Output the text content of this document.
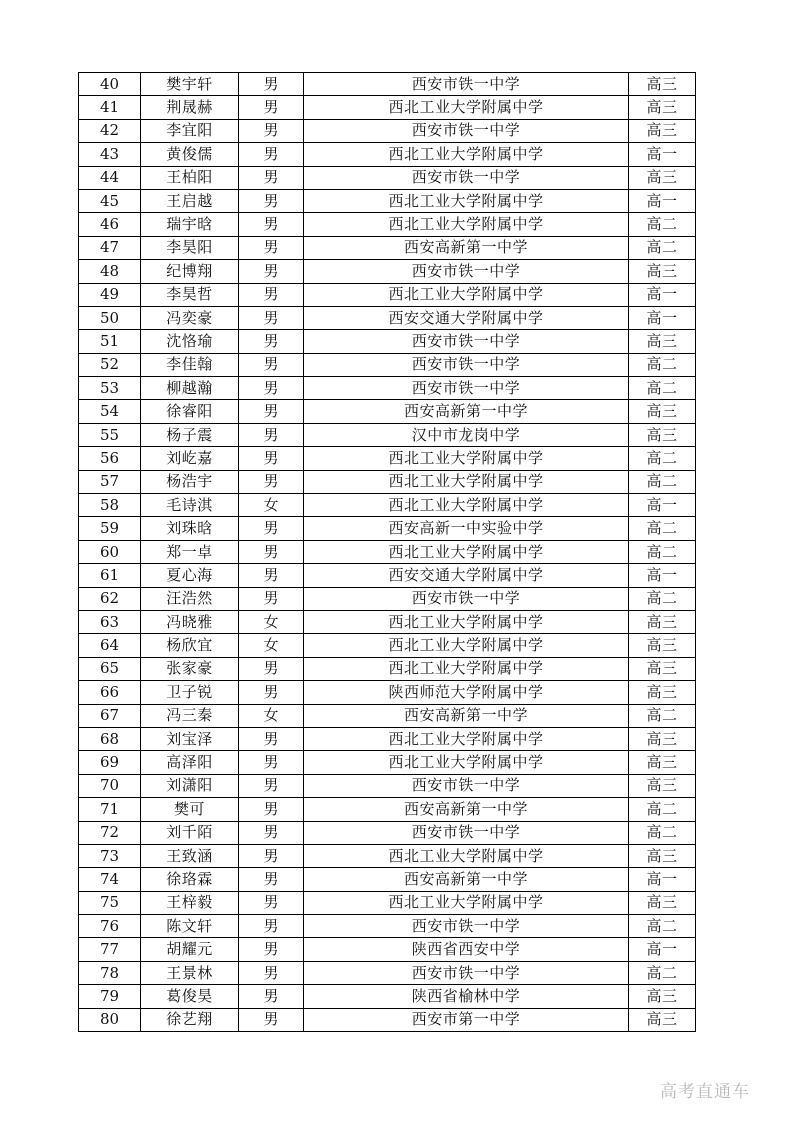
40	樊宇轩	男	西安市铁一中学	高三
41	荆晟赫	男	西北工业大学附属中学	高三
42	李宜阳	男	西安市铁一中学	高三
43	黄俊儒	男	西北工业大学附属中学	高一
44	王柏阳	男	西安市铁一中学	高三
45	王启越	男	西北工业大学附属中学	高一
46	瑞宇晗	男	西北工业大学附属中学	高二
47	李昊阳	男	西安高新第一中学	高二
48	纪博翔	男	西安市铁一中学	高三
49	李昊哲	男	西北工业大学附属中学	高一
50	冯奕豪	男	西安交通大学附属中学	高一
51	沈恪瑜	男	西安市铁一中学	高三
52	李佳翰	男	西安市铁一中学	高二
53	柳越瀚	男	西安市铁一中学	高二
54	徐睿阳	男	西安高新第一中学	高三
55	杨子震	男	汉中市龙岗中学	高三
56	刘屹嘉	男	西北工业大学附属中学	高二
57	杨浩宇	男	西北工业大学附属中学	高二
58	毛诗淇	女	西北工业大学附属中学	高一
59	刘珠晗	男	西安高新一中实验中学	高二
60	郑一卓	男	西北工业大学附属中学	高二
61	夏心海	男	西安交通大学附属中学	高一
62	汪浩然	男	西安市铁一中学	高二
63	冯晓雅	女	西北工业大学附属中学	高三
64	杨欣宜	女	西北工业大学附属中学	高三
65	张家豪	男	西北工业大学附属中学	高三
66	卫子锐	男	陕西师范大学附属中学	高三
67	冯三秦	女	西安高新第一中学	高二
68	刘宝泽	男	西北工业大学附属中学	高三
69	高泽阳	男	西北工业大学附属中学	高三
70	刘潇阳	男	西安市铁一中学	高三
71	樊可	男	西安高新第一中学	高二
72	刘千陌	男	西安市铁一中学	高二
73	王致涵	男	西北工业大学附属中学	高三
74	徐珞霖	男	西安高新第一中学	高一
75	王梓毅	男	西北工业大学附属中学	高三
76	陈文轩	男	西安市铁一中学	高二
77	胡耀元	男	陕西省西安中学	高一
78	王景林	男	西安市铁一中学	高二
79	葛俊昊	男	陕西省榆林中学	高三
80	徐艺翔	男	西安市第一中学	高三
高考直通车
